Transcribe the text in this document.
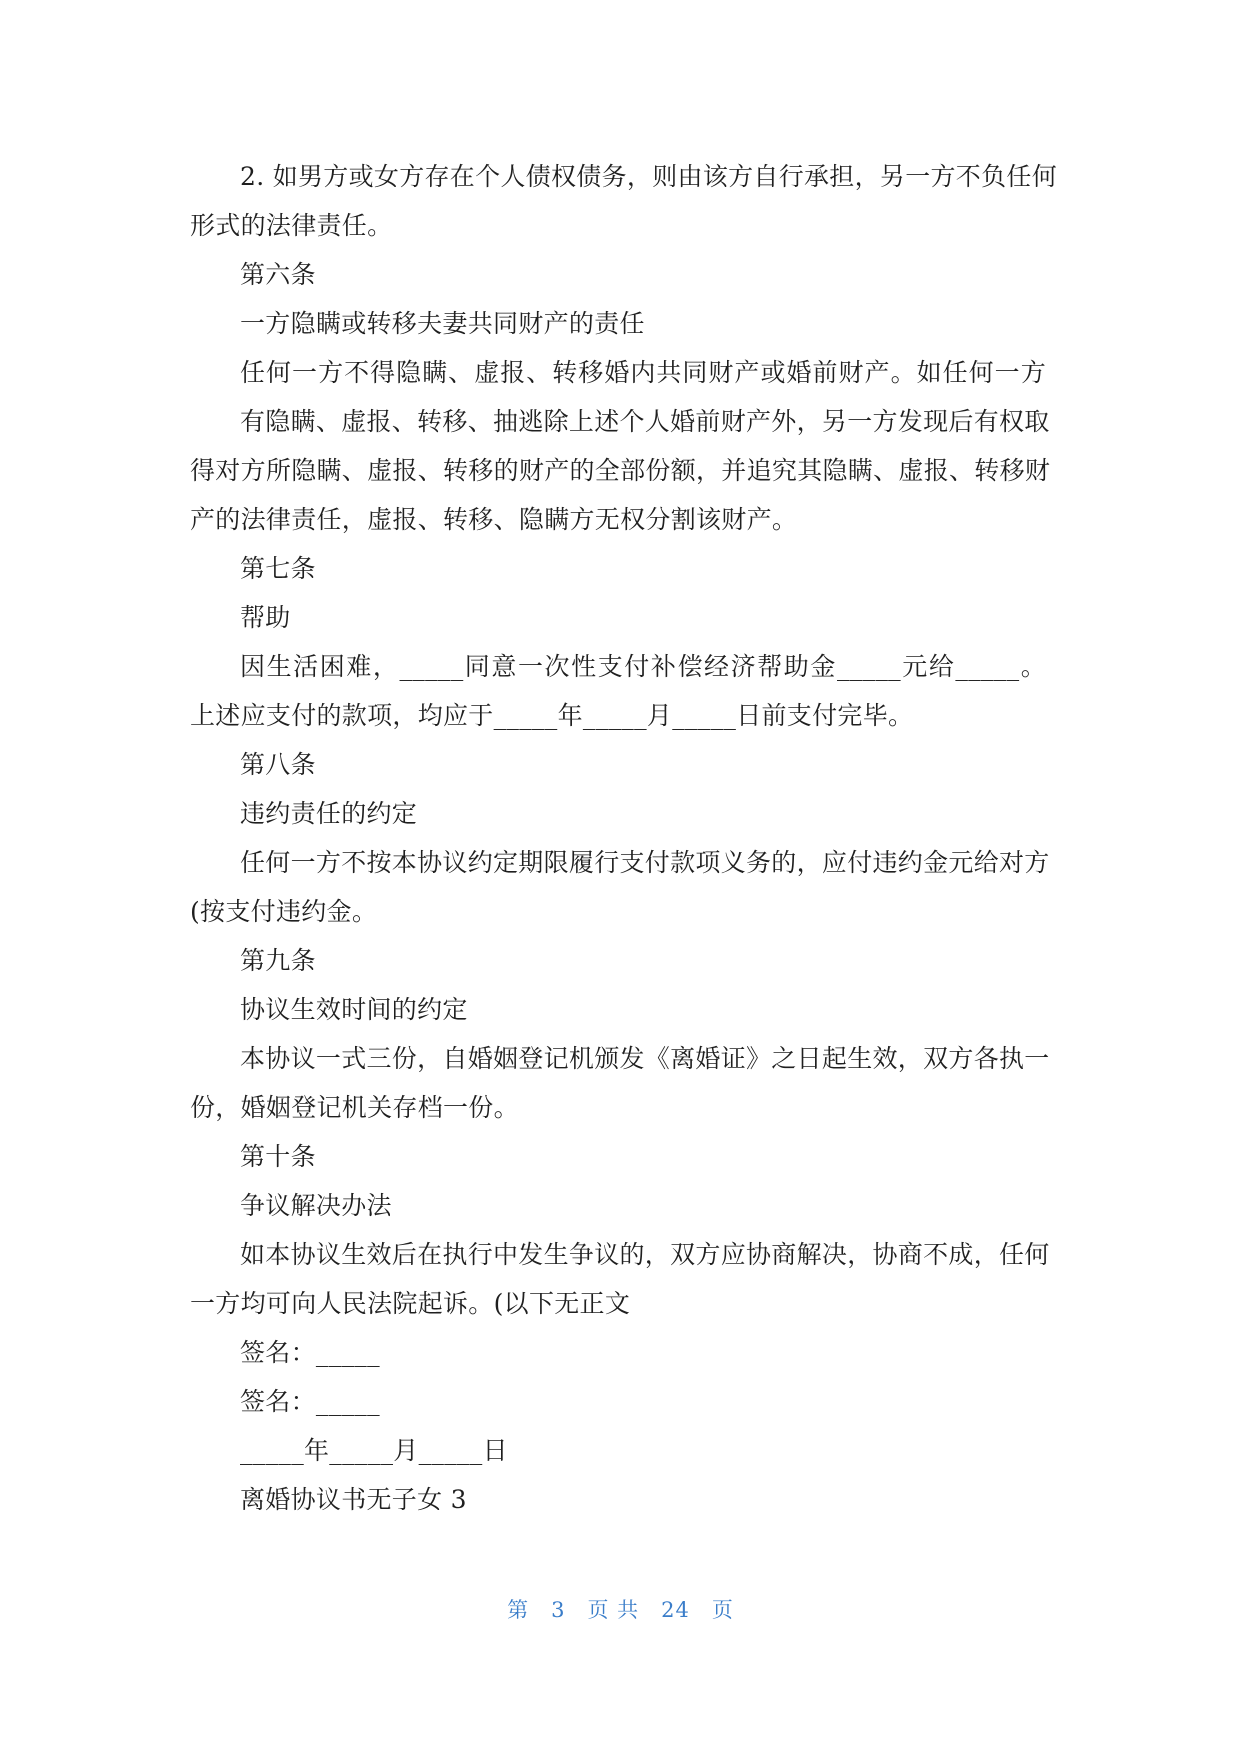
2. 如男方或女方存在个人债权债务，则由该方自行承担，另一方不负任何
形式的法律责任。
第六条
一方隐瞒或转移夫妻共同财产的责任
任何一方不得隐瞒、虚报、转移婚内共同财产或婚前财产。如任何一方
有隐瞒、虚报、转移、抽逃除上述个人婚前财产外，另一方发现后有权取
得对方所隐瞒、虚报、转移的财产的全部份额，并追究其隐瞒、虚报、转移财
产的法律责任，虚报、转移、隐瞒方无权分割该财产。
第七条
帮助
因生活困难，_____同意一次性支付补偿经济帮助金_____元给_____。
上述应支付的款项，均应于_____年_____月_____日前支付完毕。
第八条
违约责任的约定
任何一方不按本协议约定期限履行支付款项义务的，应付违约金元给对方
(按支付违约金。
第九条
协议生效时间的约定
本协议一式三份，自婚姻登记机颁发《离婚证》之日起生效，双方各执一
份，婚姻登记机关存档一份。
第十条
争议解决办法
如本协议生效后在执行中发生争议的，双方应协商解决，协商不成，任何
一方均可向人民法院起诉。(以下无正文
签名：_____
签名：_____
_____年_____月_____日
离婚协议书无子女 3
第 3 页 共 24 页
